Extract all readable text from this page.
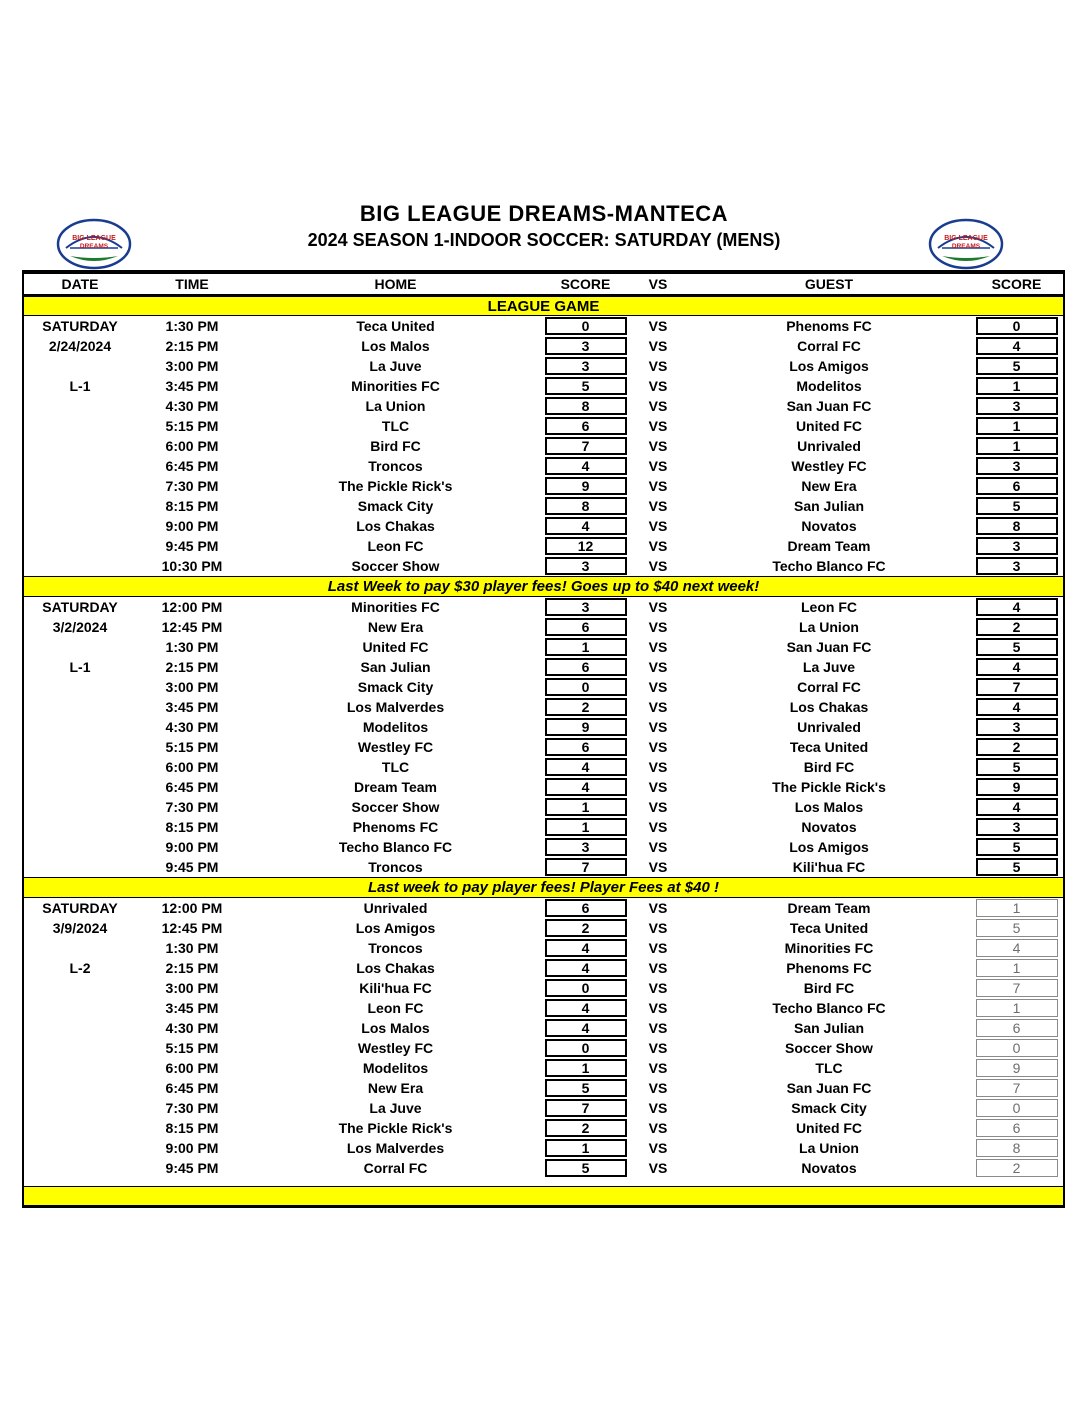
BIG LEAGUE
DREAMS
BIG LEAGUE DREAMS-MANTECA
2024 SEASON 1-INDOOR SOCCER: SATURDAY (MENS)	BIG LEAGUE
DREAMS
DATE	TIME	HOME	SCORE	VS	GUEST	SCORE
LEAGUE GAME
SATURDAY	1:30 PM	Teca United	0	VS	Phenoms FC	0
2/24/2024	2:15 PM	Los Malos	3	VS	Corral FC	4
3:00 PM	La Juve	3	VS	Los Amigos	5
L-1	3:45 PM	Minorities FC	5	VS	Modelitos	1
4:30 PM	La Union	8	VS	San Juan FC	3
5:15 PM	TLC	6	VS	United FC	1
6:00 PM	Bird FC	7	VS	Unrivaled	1
6:45 PM	Troncos	4	VS	Westley FC	3
7:30 PM	The Pickle Rick's	9	VS	New Era	6
8:15 PM	Smack City	8	VS	San Julian	5
9:00 PM	Los Chakas	4	VS	Novatos	8
9:45 PM	Leon FC	12	VS	Dream Team	3
10:30 PM	Soccer Show	3	VS	Techo Blanco FC	3
Last Week to pay $30 player fees! Goes up to $40 next week!
SATURDAY	12:00 PM	Minorities FC	3	VS	Leon FC	4
3/2/2024	12:45 PM	New Era	6	VS	La Union	2
1:30 PM	United FC	1	VS	San Juan FC	5
L-1	2:15 PM	San Julian	6	VS	La Juve	4
3:00 PM	Smack City	0	VS	Corral FC	7
3:45 PM	Los Malverdes	2	VS	Los Chakas	4
4:30 PM	Modelitos	9	VS	Unrivaled	3
5:15 PM	Westley FC	6	VS	Teca United	2
6:00 PM	TLC	4	VS	Bird FC	5
6:45 PM	Dream Team	4	VS	The Pickle Rick's	9
7:30 PM	Soccer Show	1	VS	Los Malos	4
8:15 PM	Phenoms FC	1	VS	Novatos	3
9:00 PM	Techo Blanco FC	3	VS	Los Amigos	5
9:45 PM	Troncos	7	VS	Kili'hua FC	5
Last week to pay player fees! Player Fees at $40 !
SATURDAY	12:00 PM	Unrivaled	6	VS	Dream Team	1
3/9/2024	12:45 PM	Los Amigos	2	VS	Teca United	5
1:30 PM	Troncos	4	VS	Minorities FC	4
L-2	2:15 PM	Los Chakas	4	VS	Phenoms FC	1
3:00 PM	Kili'hua FC	0	VS	Bird FC	7
3:45 PM	Leon FC	4	VS	Techo Blanco FC	1
4:30 PM	Los Malos	4	VS	San Julian	6
5:15 PM	Westley FC	0	VS	Soccer Show	0
6:00 PM	Modelitos	1	VS	TLC	9
6:45 PM	New Era	5	VS	San Juan FC	7
7:30 PM	La Juve	7	VS	Smack City	0
8:15 PM	The Pickle Rick's	2	VS	United FC	6
9:00 PM	Los Malverdes	1	VS	La Union	8
9:45 PM	Corral FC	5	VS	Novatos	2
